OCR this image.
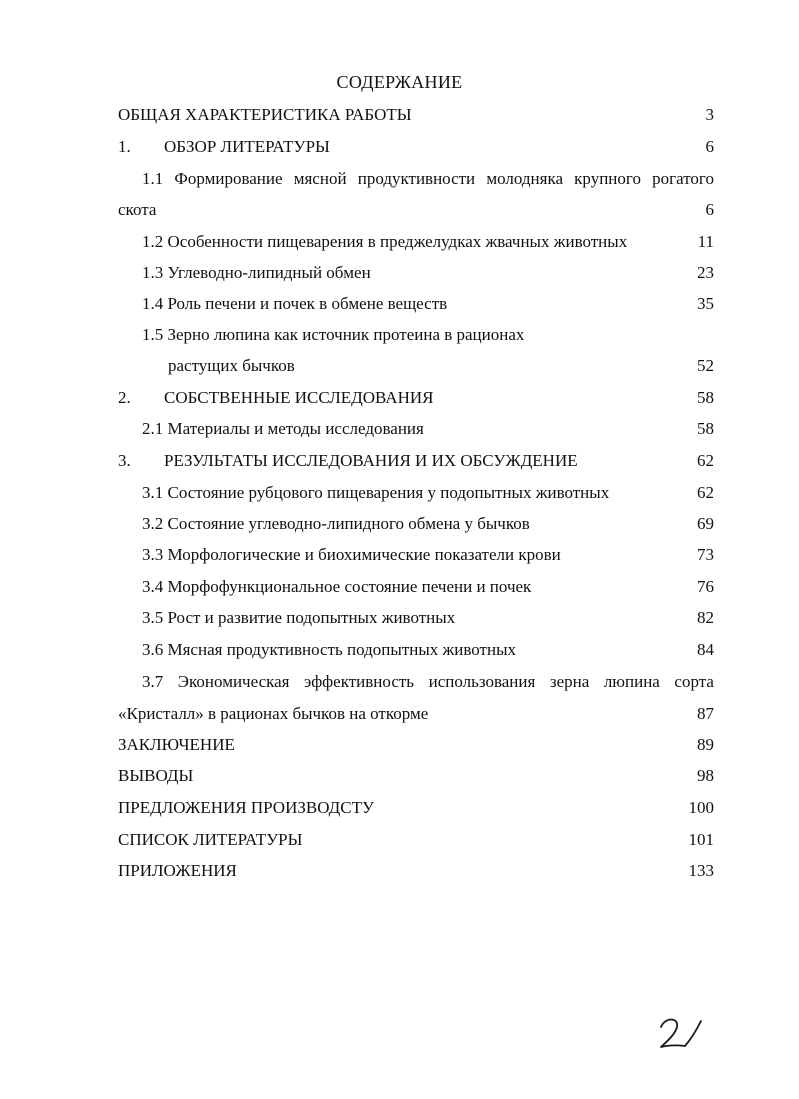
СОДЕРЖАНИЕ
ОБЩАЯ ХАРАКТЕРИСТИКА РАБОТЫ	3
1. ОБЗОР ЛИТЕРАТУРЫ	6
1.1 Формирование мясной продуктивности молодняка крупного рогатого
скота	6
1.2 Особенности пищеварения в преджелудках жвачных животных	11
1.3 Углеводно-липидный обмен	23
1.4 Роль печени и почек в обмене веществ	35
1.5 Зерно люпина как источник протеина в рационах
растущих бычков	52
2. СОБСТВЕННЫЕ ИССЛЕДОВАНИЯ	58
2.1 Материалы и методы исследования	58
3. РЕЗУЛЬТАТЫ ИССЛЕДОВАНИЯ И ИХ ОБСУЖДЕНИЕ	62
3.1 Состояние рубцового пищеварения у подопытных животных	62
3.2 Состояние углеводно-липидного обмена у бычков	69
3.3 Морфологические и биохимические показатели крови	73
3.4 Морфофункциональное состояние печени и почек	76
3.5 Рост и развитие подопытных животных	82
3.6 Мясная продуктивность подопытных животных	84
3.7 Экономическая эффективность использования зерна люпина сорта
«Кристалл» в рационах бычков на откорме	87
ЗАКЛЮЧЕНИЕ	89
ВЫВОДЫ	98
ПРЕДЛОЖЕНИЯ ПРОИЗВОДСТУ	100
СПИСОК ЛИТЕРАТУРЫ	101
ПРИЛОЖЕНИЯ	133
